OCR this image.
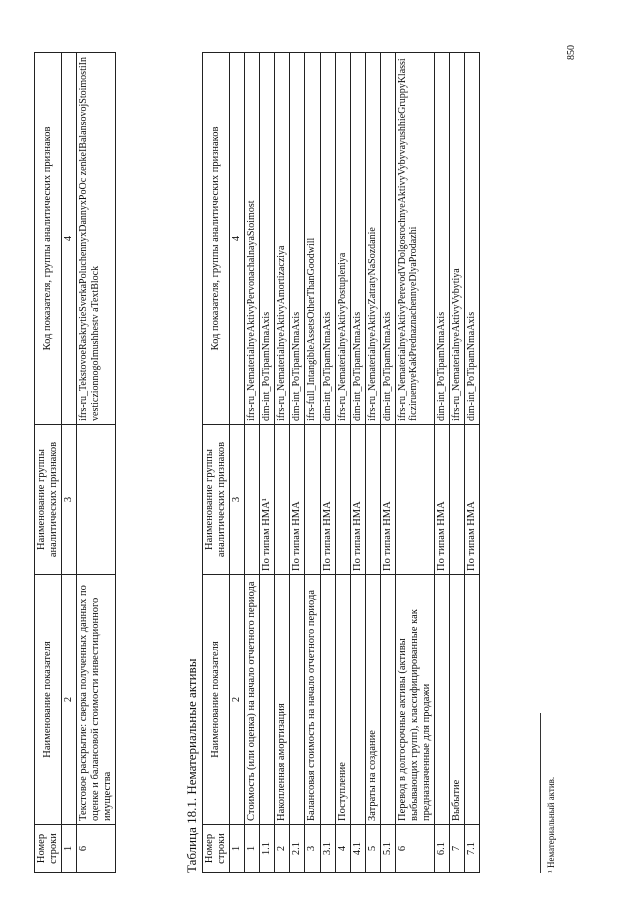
Номер строки	Наименование показателя	Наименование группы аналитических признаков	Код показателя, группы аналитических признаков
1	2	3	4
6	Текстовое раскрытие: сверка полученных данных по оценке и балансовой стоимости инвестиционного имущества		ifrs-ru_TekstovoeRaskrytieSverkaPoluchennyxDannyxPoOc zenkeIBalansovojStoimostiInvesticzionnogoImushhestv aTextBlock
Таблица 18.1. Нематериальные активы Номер строки	Наименование показателя	Наименование группы аналитических признаков	Код показателя, группы аналитических признаков
1	2	3	4
1	Стоимость (или оценка) на начало отчетного периода		ifrs-ru_NematerialnyeAktivyPervonachalnayaStoimost
1.1		По типам НМА¹	dim-int_PoTipamNmaAxis
2	Накопленная амортизация		ifrs-ru_NematerialnyeAktivyAmortizacziya
2.1		По типам НМА	dim-int_PoTipamNmaAxis
3	Балансовая стоимость на начало отчетного периода		ifrs-full_IntangibleAssetsOtherThanGoodwill
3.1		По типам НМА	dim-int_PoTipamNmaAxis
4	Поступление		ifrs-ru_NematerialnyeAktivyPostupleniya
4.1		По типам НМА	dim-int_PoTipamNmaAxis
5	Затраты на создание		ifrs-ru_NematerialnyeAktivyZatratyNaSozdanie
5.1		По типам НМА	dim-int_PoTipamNmaAxis
6	Перевод в долгосрочные активы (активы выбывающих групп), классифицированные как предназначенные для продажи		ifrs-ru_NematerialnyeAktivyPerevodVDolgosrochnyeAktivyVybyvayushhieGruppyKlassificziruemyeKakPrednaznachennyeDlyaProdazhi
6.1		По типам НМА	dim-int_PoTipamNmaAxis
7	Выбытие		ifrs-ru_NematerialnyeAktivyVybytiya
7.1		По типам НМА	dim-int_PoTipamNmaAxis
¹ Нематериальный актив.
850
